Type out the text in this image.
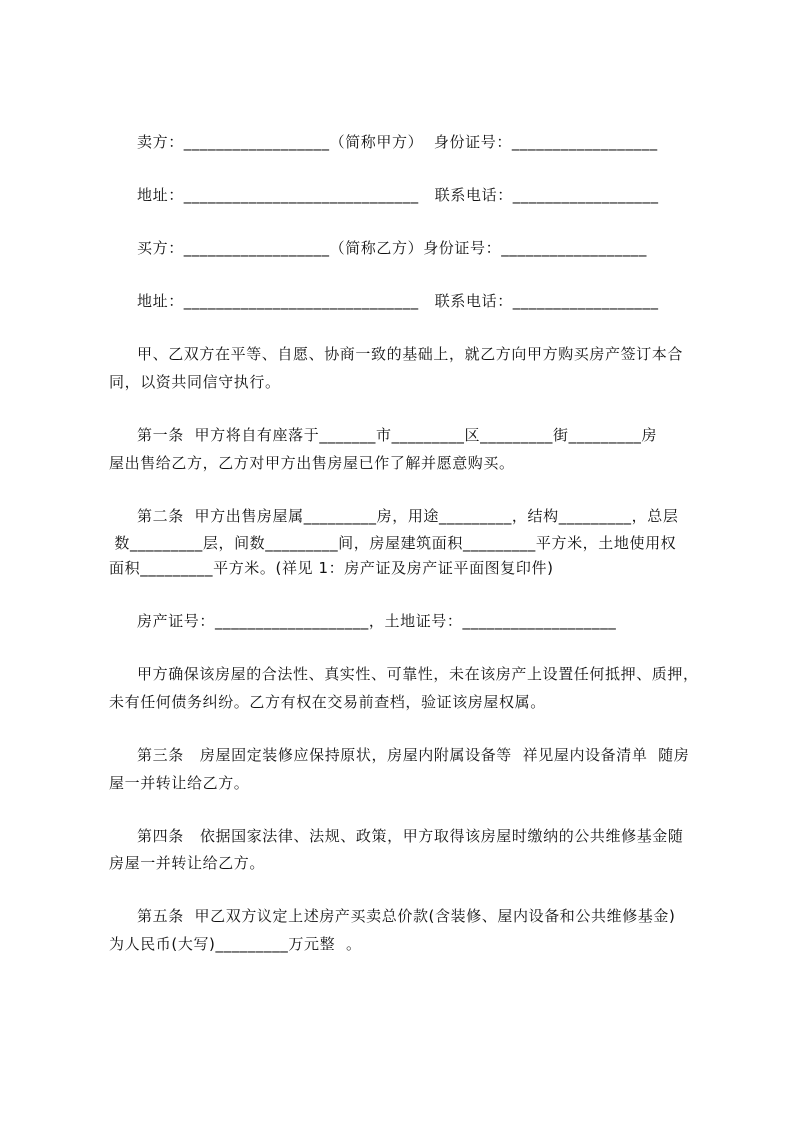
卖方：__________________（简称甲方）  身份证号：__________________
地址：_____________________________   联系电话：__________________
买方：__________________（简称乙方）身份证号：__________________
地址：_____________________________   联系电话：__________________
甲、乙双方在平等、自愿、协商一致的基础上，就乙方向甲方购买房产签订本合
同，以资共同信守执行。
第一条  甲方将自有座落于_______市_________区_________街_________房
屋出售给乙方，乙方对甲方出售房屋已作了解并愿意购买。
第二条  甲方出售房屋属_________房，用途_________，结构_________，总层
数_________层，间数_________间，房屋建筑面积_________平方米，土地使用权
面积_________平方米。(祥见 1：房产证及房产证平面图复印件)
房产证号：___________________，土地证号：___________________
甲方确保该房屋的合法性、真实性、可靠性，未在该房产上设置任何抵押、质押，
未有任何债务纠纷。乙方有权在交易前查档，验证该房屋权属。
第三条   房屋固定装修应保持原状，房屋内附属设备等  祥见屋内设备清单  随房
屋一并转让给乙方。
第四条   依据国家法律、法规、政策，甲方取得该房屋时缴纳的公共维修基金随
房屋一并转让给乙方。
第五条  甲乙双方议定上述房产买卖总价款(含装修、屋内设备和公共维修基金)
为人民币(大写)_________万元整  。
